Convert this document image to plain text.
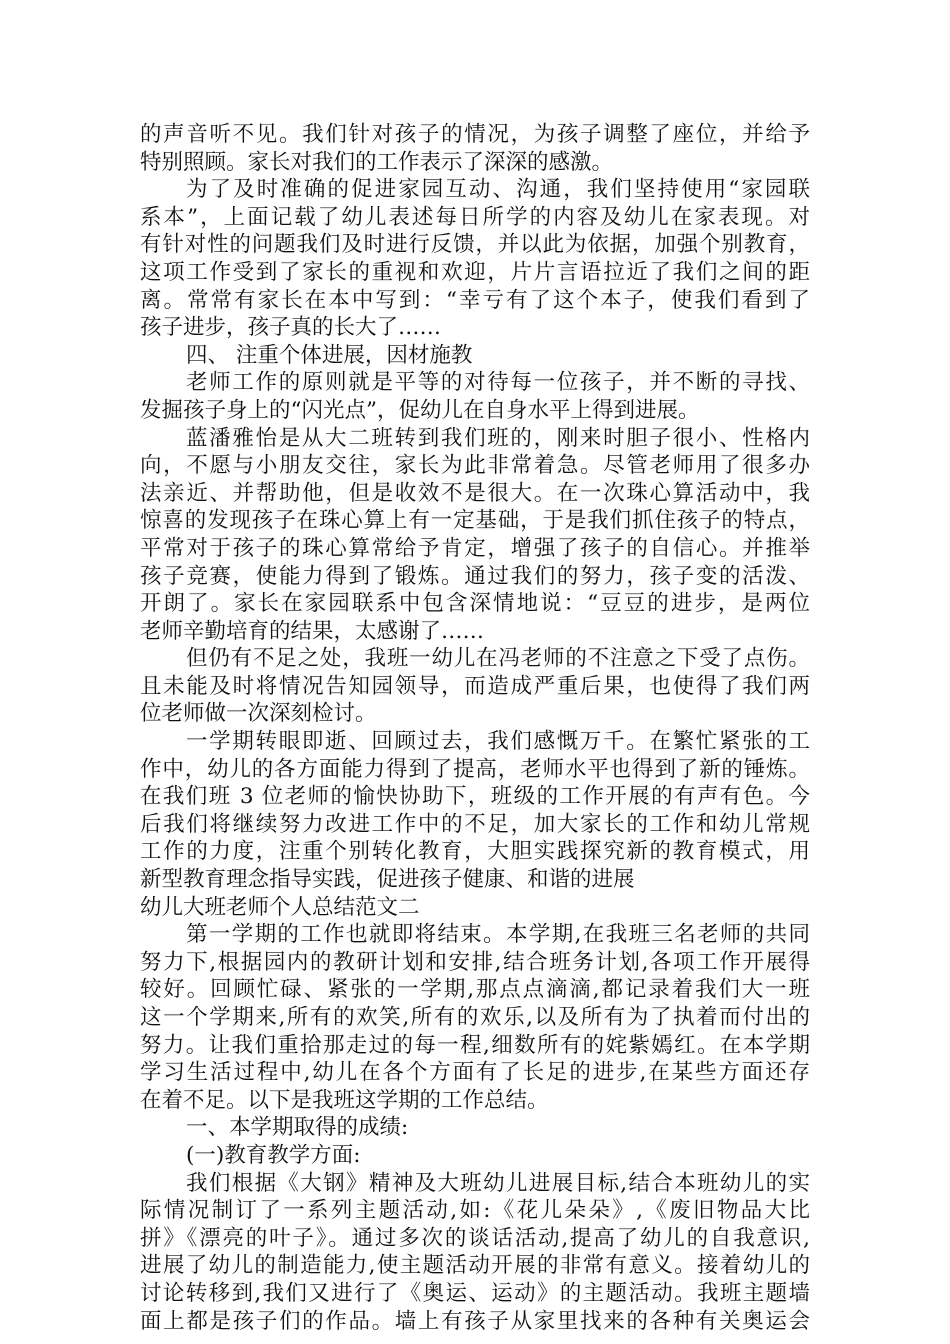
的声音听不见。我们针对孩子的情况，为孩子调整了座位，并给予
特别照顾。家长对我们的工作表示了深深的感激。
为了及时准确的促进家园互动、沟通，我们坚持使用“家园联
系本”，上面记载了幼儿表述每日所学的内容及幼儿在家表现。对
有针对性的问题我们及时进行反馈，并以此为依据，加强个别教育，
这项工作受到了家长的重视和欢迎，片片言语拉近了我们之间的距
离。常常有家长在本中写到：“幸亏有了这个本子，使我们看到了
孩子进步，孩子真的长大了……
四、 注重个体进展，因材施教
老师工作的原则就是平等的对待每一位孩子，并不断的寻找、
发掘孩子身上的“闪光点”，促幼儿在自身水平上得到进展。
蓝潘雅怡是从大二班转到我们班的，刚来时胆子很小、性格内
向，不愿与小朋友交往，家长为此非常着急。尽管老师用了很多办
法亲近、并帮助他，但是收效不是很大。在一次珠心算活动中，我
惊喜的发现孩子在珠心算上有一定基础，于是我们抓住孩子的特点，
平常对于孩子的珠心算常给予肯定，增强了孩子的自信心。并推举
孩子竞赛，使能力得到了锻炼。通过我们的努力，孩子变的活泼、
开朗了。家长在家园联系中包含深情地说：“豆豆的进步，是两位
老师辛勤培育的结果，太感谢了……
但仍有不足之处，我班一幼儿在冯老师的不注意之下受了点伤。
且未能及时将情况告知园领导，而造成严重后果，也使得了我们两
位老师做一次深刻检讨。
一学期转眼即逝、回顾过去，我们感慨万千。在繁忙紧张的工
作中，幼儿的各方面能力得到了提高，老师水平也得到了新的锤炼。
在我们班 3 位老师的愉快协助下，班级的工作开展的有声有色。今
后我们将继续努力改进工作中的不足，加大家长的工作和幼儿常规
工作的力度，注重个别转化教育，大胆实践探究新的教育模式，用
新型教育理念指导实践，促进孩子健康、和谐的进展
幼儿大班老师个人总结范文二
第一学期的工作也就即将结束。本学期,在我班三名老师的共同
努力下,根据园内的教研计划和安排,结合班务计划,各项工作开展得
较好。回顾忙碌、紧张的一学期,那点点滴滴,都记录着我们大一班
这一个学期来,所有的欢笑,所有的欢乐,以及所有为了执着而付出的
努力。让我们重拾那走过的每一程,细数所有的姹紫嫣红。在本学期
学习生活过程中,幼儿在各个方面有了长足的进步,在某些方面还存
在着不足。以下是我班这学期的工作总结。
一、本学期取得的成绩:
(一)教育教学方面:
我们根据《大钢》精神及大班幼儿进展目标,结合本班幼儿的实
际情况制订了一系列主题活动,如:《花儿朵朵》,《废旧物品大比
拼》《漂亮的叶子》。通过多次的谈话活动,提高了幼儿的自我意识,
进展了幼儿的制造能力,使主题活动开展的非常有意义。接着幼儿的
讨论转移到,我们又进行了《奥运、运动》的主题活动。我班主题墙
面上都是孩子们的作品。墙上有孩子从家里找来的各种有关奥运会
